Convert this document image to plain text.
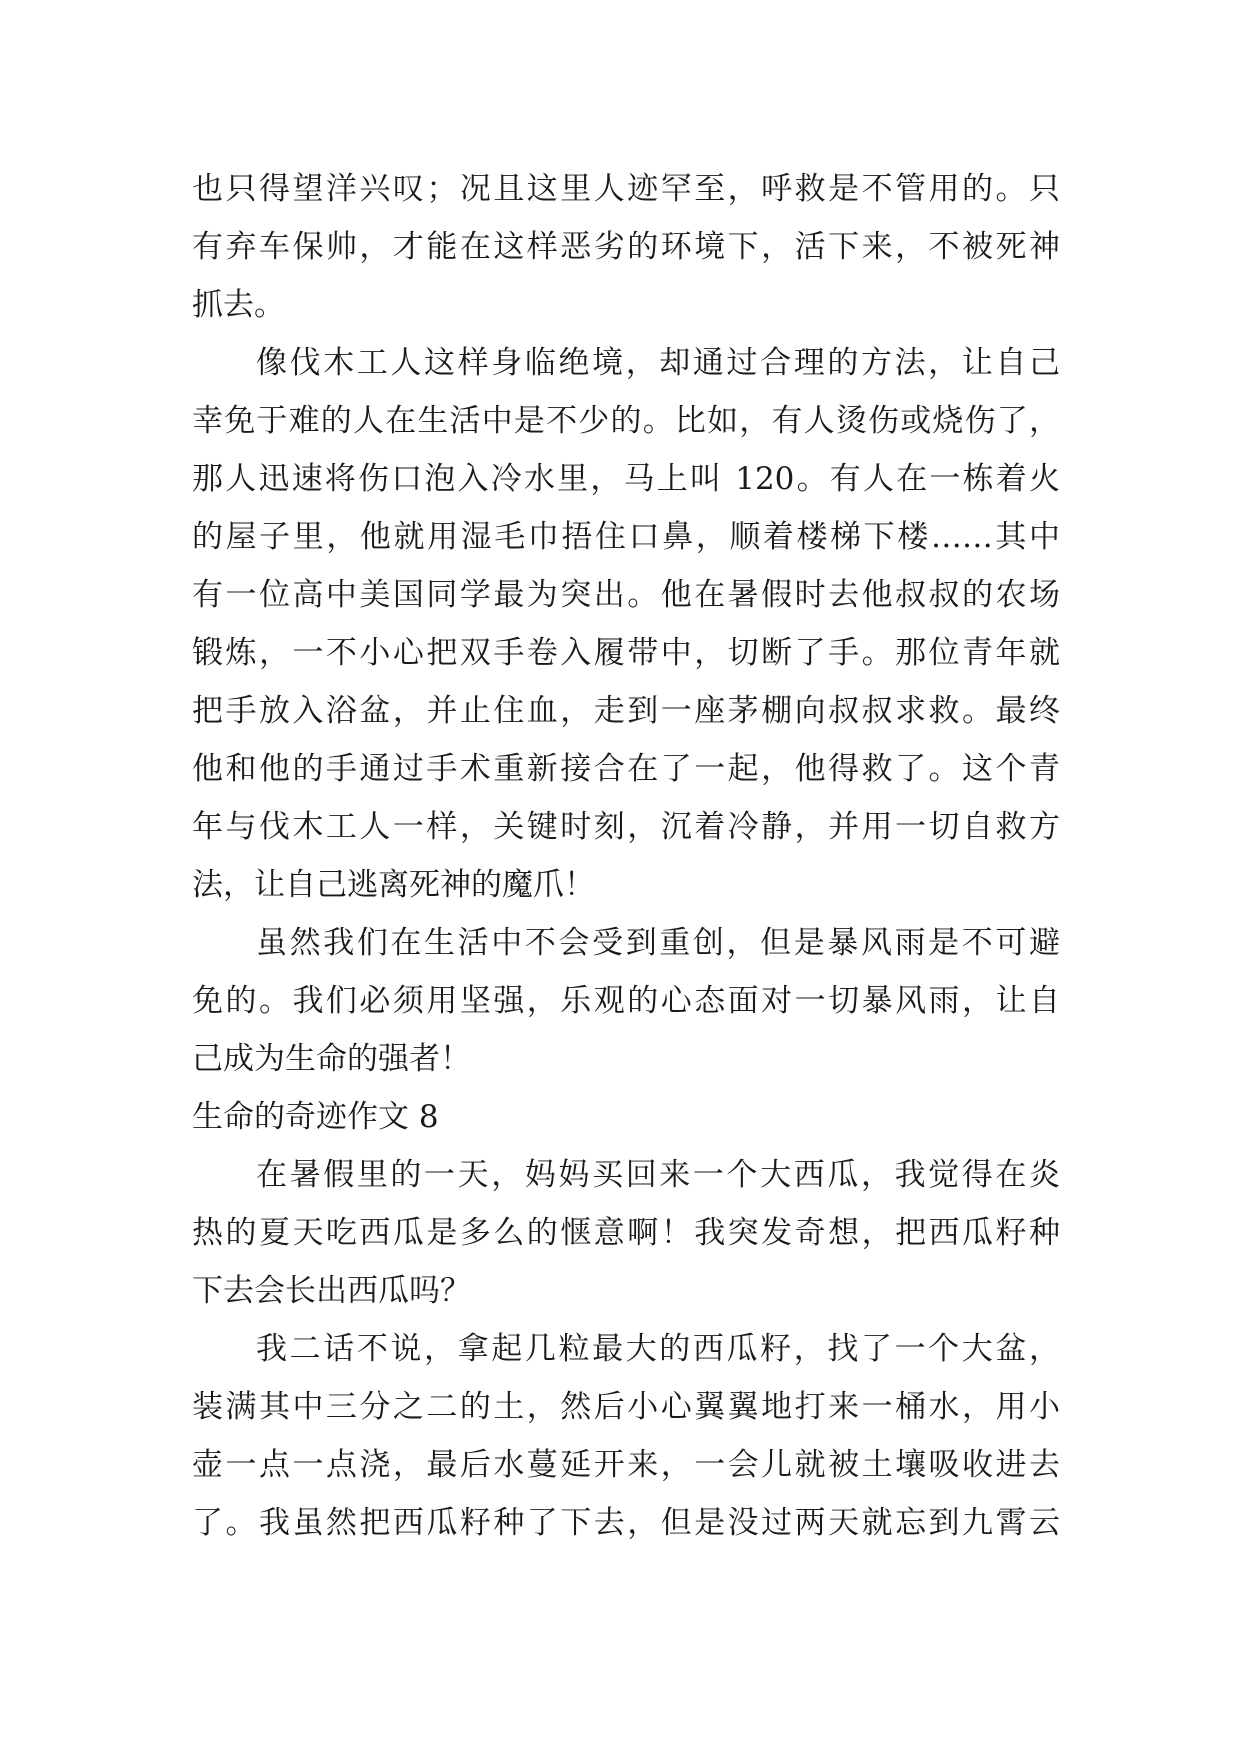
也只得望洋兴叹；况且这里人迹罕至，呼救是不管用的。只
有弃车保帅，才能在这样恶劣的环境下，活下来，不被死神
抓去。
像伐木工人这样身临绝境，却通过合理的方法，让自己
幸免于难的人在生活中是不少的。比如，有人烫伤或烧伤了，
那人迅速将伤口泡入冷水里，马上叫 120。有人在一栋着火
的屋子里，他就用湿毛巾捂住口鼻，顺着楼梯下楼……其中
有一位高中美国同学最为突出。他在暑假时去他叔叔的农场
锻炼，一不小心把双手卷入履带中，切断了手。那位青年就
把手放入浴盆，并止住血，走到一座茅棚向叔叔求救。最终
他和他的手通过手术重新接合在了一起，他得救了。这个青
年与伐木工人一样，关键时刻，沉着冷静，并用一切自救方
法，让自己逃离死神的魔爪！
虽然我们在生活中不会受到重创，但是暴风雨是不可避
免的。我们必须用坚强，乐观的心态面对一切暴风雨，让自
己成为生命的强者！
生命的奇迹作文 8
在暑假里的一天，妈妈买回来一个大西瓜，我觉得在炎
热的夏天吃西瓜是多么的惬意啊！我突发奇想，把西瓜籽种
下去会长出西瓜吗？
我二话不说，拿起几粒最大的西瓜籽，找了一个大盆，
装满其中三分之二的土，然后小心翼翼地打来一桶水，用小
壶一点一点浇，最后水蔓延开来，一会儿就被土壤吸收进去
了。我虽然把西瓜籽种了下去，但是没过两天就忘到九霄云
